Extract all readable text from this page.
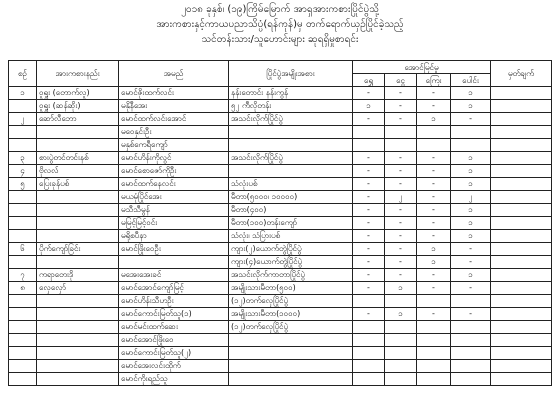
၂၀၁၈ ခုနှစ်၊ (၁၉)ကြိမ်မြောက် အာရှအားကစားပြိုင်ပွဲသို့
အားကစားနှင့်ကာယပညာသိပ္ပံ(ရန်ကုန်)မှ တက်ရောက်ယှဉ်ပြိုင်ခဲ့သည့်
သင်တန်းသား/သူဟောင်းများ ဆုရရှိမှုစာရင်း
စဉ်	အားကစားနည်း	အမည်	ပြိုင်ပွဲအမျိုးအစား	အောင်မြင်မှု				မှတ်ချက်
				ရွှေ	ငွေ	ကြေး	ပေါင်း	
၁	ဝူရှူး (တောက်လူ)	မောင်ဇိုးထက်လင်း	နန်းတောင်း နန်းကွန်	-	-	-	၁	
	ဝူရှူး (ဆန်ဆိုး)	မနိုနီအေး	၅၂ ကီလိုတန်း	၁	-	-	၁	
၂	ဆော်လီဘော	မောင်ထက်လင်းအောင်	အသင်းလိုက်ပြိုင်ပွဲ	-	-	၁	-	
		မဝေနှင်းဦး						
		မနှစ်ကေရီကျော်						
၃	စားပွဲတင်တင်းနစ်	မောင်ဟိန်းကိုလွင်	အသင်းလိုက်ပြိုင်ပွဲ	-	-	-	၁	
၄	ဗိုလလ်	မောင်စောဇော်ကိုဦး		-	-	-	၁	
၅	ပြေးခုန်ပစ်	မောင်ထက်နေလင်း	သံလုံးပစ်	-	-	-	၁	
		မယမုံပြိုင်အေး	မီတာ(၅၀၀၀၊ ၁၀၀၀၀)	-	၂	-	၂	
		မသီသီမွန်	မီတာ(၄၀၀)	-	-	-	၁	
		မမြင့်မြင့်ဝင်း	မီတာ(၁၀၀)တန်းကျော်	-	-	-	၁	
		မရိုစပီနာ	သံလုံး၊ သံပြားပစ်	-	-	-	၁	
၆	ပိုက်ကျော်ခြင်း	မောင်ဖြိုးဝေဦး	ကျား(၂)ယောက်တွဲပြိုင်ပွဲ	-	-	၁	-	
			ကျား(၄)ယောက်တွဲပြိုင်ပွဲ	-	-	၁	-	
၇	ကရာတေးဒို	မအေးအေးခင်	အသင်းလိုက်ကာတာပြိုင်ပွဲ	-	-	-	၁	
၈	လှေလှော်	မောင်အောင်ကျော်မြင့်	အမျိုးသားမီတာ(၅၀၀)	-	၁	-	-	
		မောင်ဟိန်းသီဟဦး	(၁၂)တက်လှေပြိုင်ပွဲ					
		မောင်ကောင်းမြတ်သူ(၁)	အမျိုးသားမီတာ(၁၀၀၀)	-	၁	-	-	
		မောင်မင်းထက်ဆေး	(၁၂)တက်လှေပြိုင်ပွဲ					
		မောင်အောင်ဖြိုးဝေ						
		မောင်ကောင်းမြတ်သူ(၂)						
		မောင်အေးလင်းထိုက်						
		မောင်ကိုးရည်သူ						
